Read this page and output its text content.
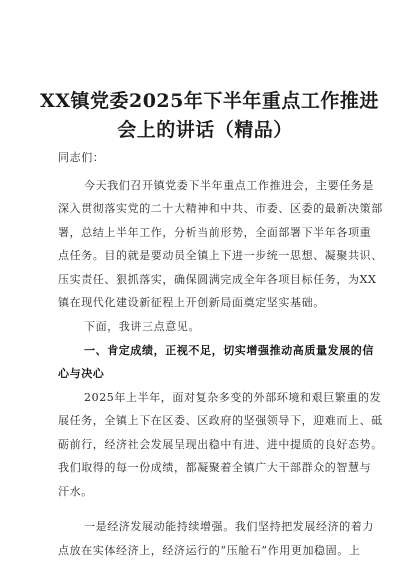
XX镇党委2025年下半年重点工作推进
会上的讲话（精品）
同志们：
今天我们召开镇党委下半年重点工作推进会，主要任务是
深入贯彻落实党的二十大精神和中共、市委、区委的最新决策部
署，总结上半年工作，分析当前形势，全面部署下半年各项重
点任务。目的就是要动员全镇上下进一步统一思想、凝聚共识、
压实责任、狠抓落实，确保圆满完成全年各项目标任务，为XX
镇在现代化建设新征程上开创新局面奠定坚实基础。
下面，我讲三点意见。
一、肯定成绩，正视不足，切实增强推动高质量发展的信
心与决心
2025年上半年，面对复杂多变的外部环境和艰巨繁重的发
展任务，全镇上下在区委、区政府的坚强领导下，迎难而上、砥
砺前行，经济社会发展呈现出稳中有进、进中提质的良好态势。
我们取得的每一份成绩，都凝聚着全镇广大干部群众的智慧与
汗水。
一是经济发展动能持续增强。我们坚持把发展经济的着力
点放在实体经济上，经济运行的“压舱石”作用更加稳固。上
